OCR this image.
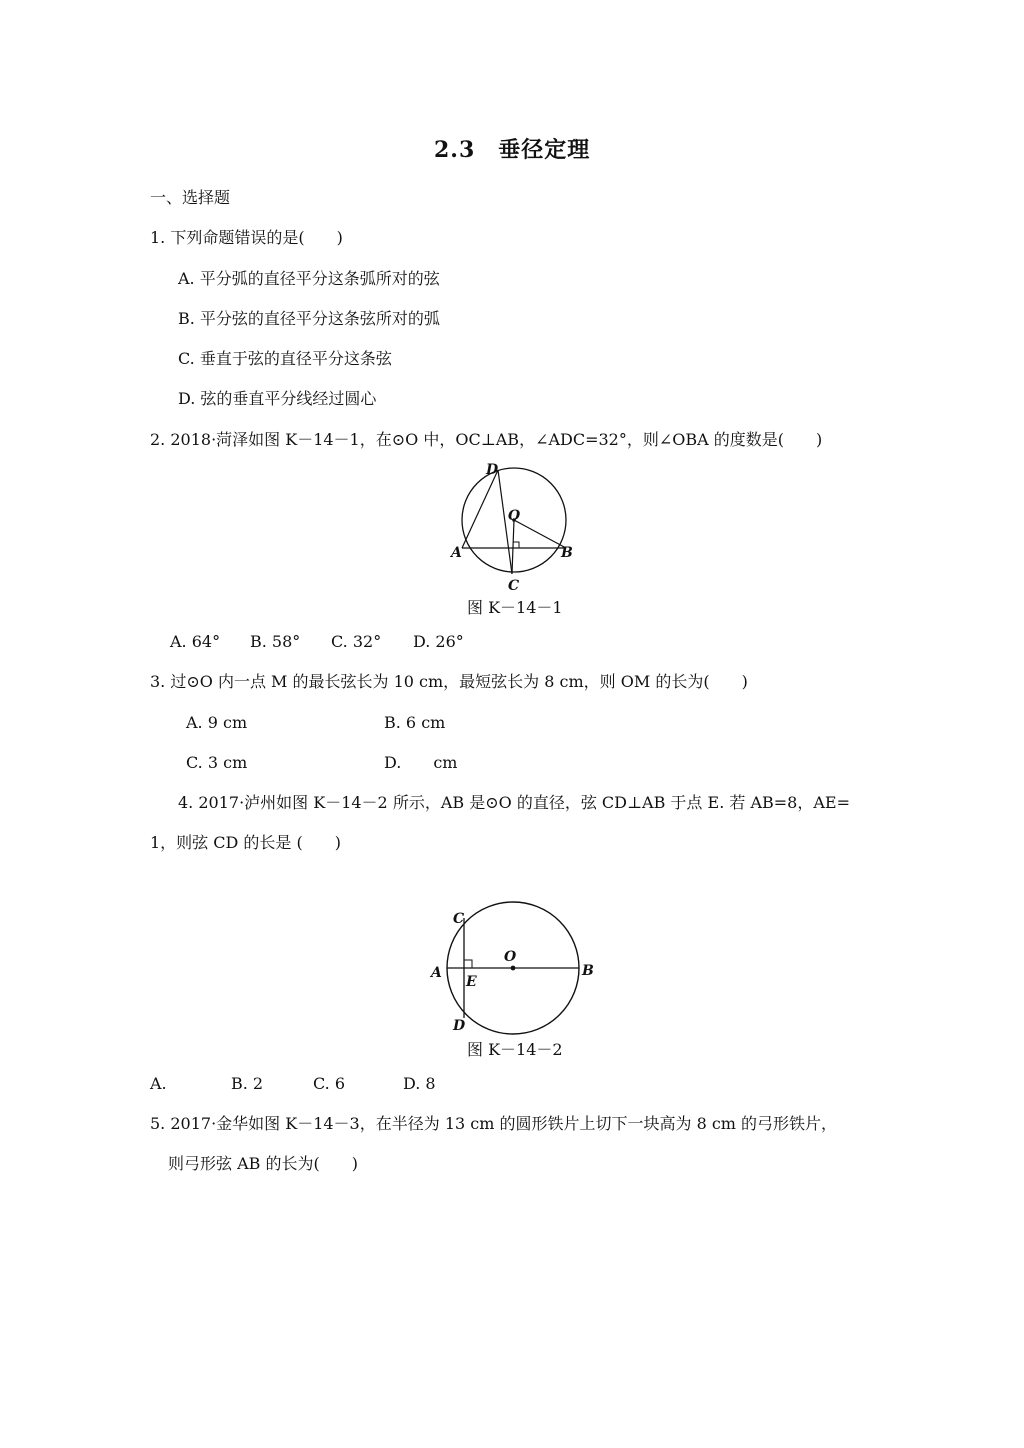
2.3　垂径定理
一、选择题
1. 下列命题错误的是(　　)
A. 平分弧的直径平分这条弧所对的弦
B. 平分弦的直径平分这条弦所对的弧
C. 垂直于弦的直径平分这条弦
D. 弦的垂直平分线经过圆心
2. 2018·菏泽如图 K－14－1，在⊙O 中，OC⊥AB，∠ADC=32°，则∠OBA 的度数是(　　)
D
O
A	B
C
图 K－14－1
A. 64° B. 58° C. 32° D. 26°
3. 过⊙O 内一点 M 的最长弦长为 10 cm，最短弦长为 8 cm，则 OM 的长为(　　)
A. 9 cm	B. 6 cm
C. 3 cm	D.　　cm
4. 2017·泸州如图 K－14－2 所示，AB 是⊙O 的直径，弦 CD⊥AB 于点 E. 若 AB=8，AE=
1，则弦 CD 的长是 (　　)
C
O
A
E
B
D
图 K－14－2
A.	B. 2	C. 6	D. 8
5. 2017·金华如图 K－14－3，在半径为 13 cm 的圆形铁片上切下一块高为 8 cm 的弓形铁片，
则弓形弦 AB 的长为(　　)
